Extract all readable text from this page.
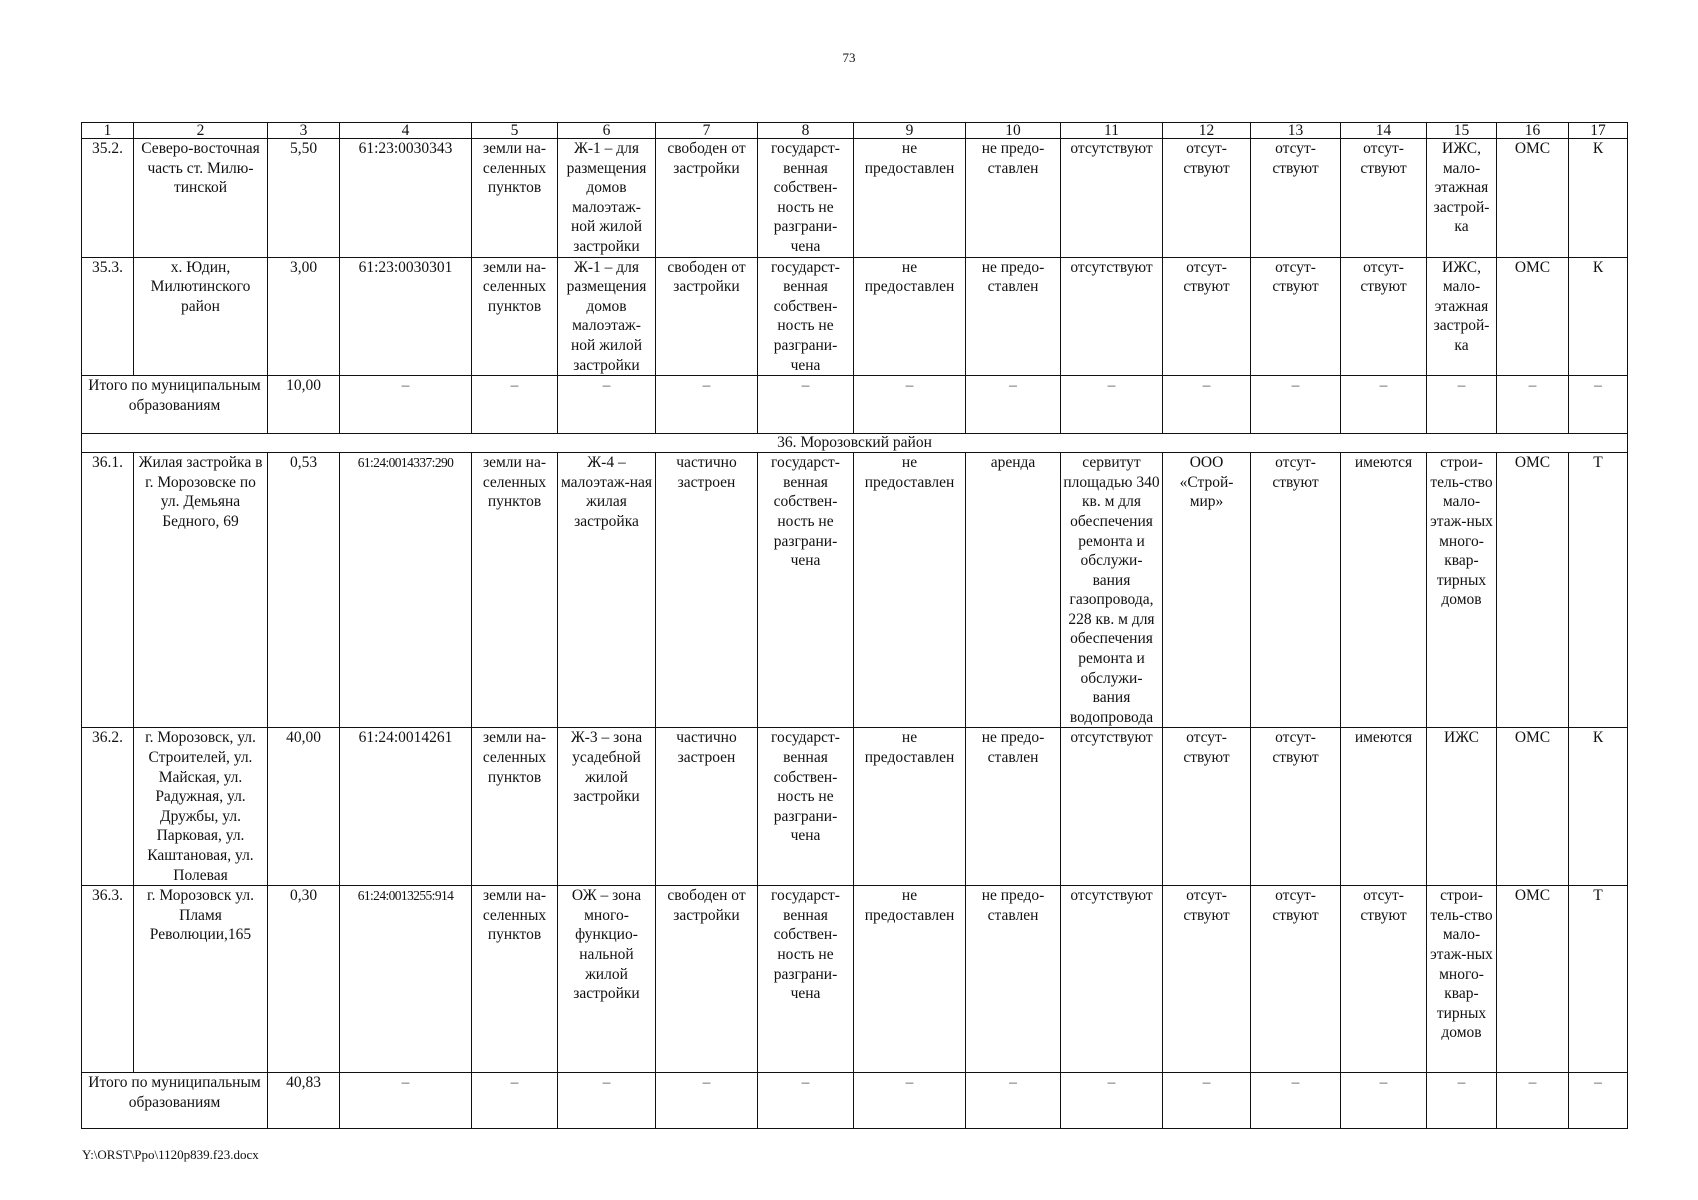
73
1	2	3	4	5	6	7	8	9	10	11	12	13	14	15	16	17	
35.2.	Северо-восточная часть ст. Милю-тинской	5,50	61:23:0030343	земли на-селенных пунктов	Ж-1 – для размещения домов малоэтаж-ной жилой застройки	свободен от застройки	государст-венная собствен-ность не разграни-чена	не предоставлен	не предо-ставлен	отсутствуют	отсут-ствуют	отсут-ствуют	отсут-ствуют	ИЖС, мало-этажная застрой-ка	ОМС	К	
35.3.	х. Юдин, Милютинского район	3,00	61:23:0030301	земли на-селенных пунктов	Ж-1 – для размещения домов малоэтаж-ной жилой застройки	свободен от застройки	государст-венная собствен-ность не разграни-чена	не предоставлен	не предо-ставлен	отсутствуют	отсут-ствуют	отсут-ствуют	отсут-ствуют	ИЖС, мало-этажная застрой-ка	ОМС	К	
Итого по муниципальным образованиям		10,00	–	–	–	–	–	–	–	–	–	–	–	–	–	–	
36. Морозовский район																	
36.1.	Жилая застройка в г. Морозовске по ул. Демьяна Бедного, 69	0,53	61:24:0014337:290	земли на-селенных пунктов	Ж-4 – малоэтаж-ная жилая застройка	частично застроен	государст-венная собствен-ность не разграни-чена	не предоставлен	аренда	сервитут площадью 340 кв. м для обеспечения ремонта и обслужи-вания газопровода, 228 кв. м для обеспечения ремонта и обслужи-вания водопровода	ООО «Строй-мир»	отсут-ствуют	имеются	строи-тель-ство мало-этаж-ных много-квар-тирных домов	ОМС	Т	
36.2.	г. Морозовск, ул. Строителей, ул. Майская, ул. Радужная, ул. Дружбы, ул. Парковая, ул. Каштановая, ул. Полевая	40,00	61:24:0014261	земли на-селенных пунктов	Ж-3 – зона усадебной жилой застройки	частично застроен	государст-венная собствен-ность не разграни-чена	не предоставлен	не предо-ставлен	отсутствуют	отсут-ствуют	отсут-ствуют	имеются	ИЖС	ОМС	К	
36.3.	г. Морозовск ул. Пламя Революции,165	0,30	61:24:0013255:914	земли на-селенных пунктов	ОЖ – зона много-функцио-нальной жилой застройки	свободен от застройки	государст-венная собствен-ность не разграни-чена	не предоставлен	не предо-ставлен	отсутствуют	отсут-ствуют	отсут-ствуют	отсут-ствуют	строи-тель-ство мало-этаж-ных много-квар-тирных домов	ОМС	Т	
Итого по муниципальным образованиям		40,83	–	–	–	–	–	–	–	–	–	–	–	–	–	–	
Y:\ORST\Ppo\1120p839.f23.docx
